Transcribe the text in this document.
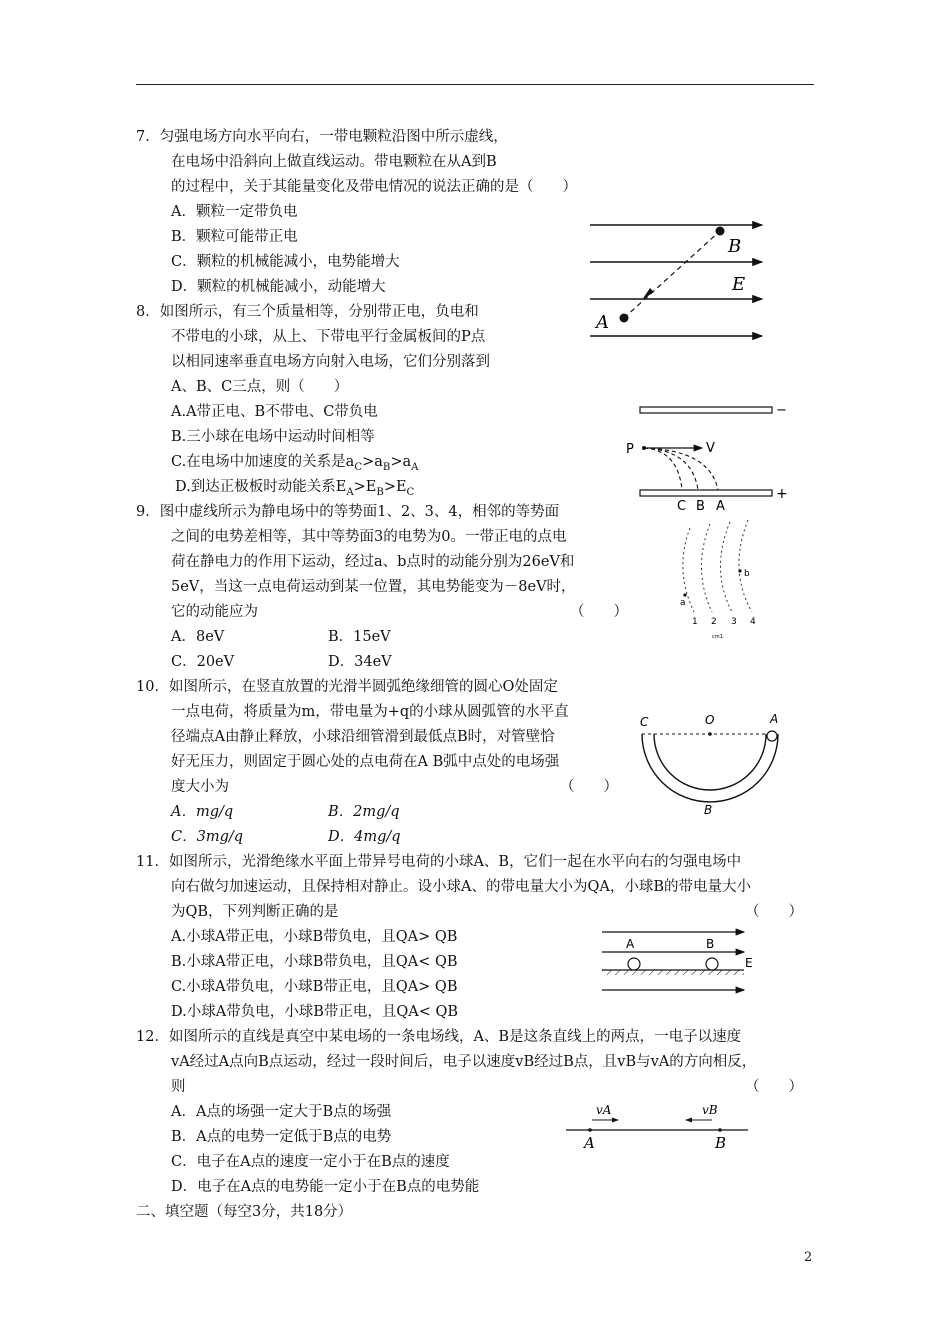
7．匀强电场方向水平向右，一带电颗粒沿图中所示虚线，
在电场中沿斜向上做直线运动。带电颗粒在从A到B
的过程中，关于其能量变化及带电情况的说法正确的是（　　）
A．颗粒一定带负电
B．颗粒可能带正电
C．颗粒的机械能减小，电势能增大
D．颗粒的机械能减小，动能增大
A
B
E
8．如图所示，有三个质量相等，分别带正电，负电和
不带电的小球，从上、下带电平行金属板间的P点
以相同速率垂直电场方向射入电场，它们分别落到
A、B、C三点，则（　　）
A.A带正电、B不带电、C带负电
B.三小球在电场中运动时间相等
C.在电场中加速度的关系是$a_C>a_B>a_A$
D.到达正极板时动能关系$E_A>E_B>E_C$
−
+
P	V
C B A
9．图中虚线所示为静电场中的等势面1、2、3、4，相邻的等势面
之间的电势差相等，其中等势面3的电势为0。一带正电的点电
荷在静电力的作用下运动，经过a、b点时的动能分别为26eV和
5eV，当这一点电荷运动到某一位置，其电势能变为－8eV时，
它的动能应为	（　　）
A．8eV	B．15eV
C．20eV	D．34eV
a
b
1 2 3 4
cm1.
10．如图所示，在竖直放置的光滑半圆弧绝缘细管的圆心O处固定
一点电荷，将质量为m，带电量为+q的小球从圆弧管的水平直
径端点A由静止释放，小球沿细管滑到最低点B时，对管壁恰
好无压力，则固定于圆心处的点电荷在A B弧中点处的电场强
度大小为	（　　）
A．mg/q	B．2mg/q
C．3mg/q	D．4mg/q
C	O	A
B
11．如图所示，光滑绝缘水平面上带异号电荷的小球A、B，它们一起在水平向右的匀强电场中
向右做匀加速运动，且保持相对静止。设小球A、的带电量大小为QA，小球B的带电量大小
为QB，下列判断正确的是	（　　）
A.小球A带正电，小球B带负电，且QA> QB
B.小球A带正电，小球B带负电，且QA< QB
C.小球A带负电，小球B带正电，且QA> QB
D.小球A带负电，小球B带正电，且QA< QB
A	B
E
12．如图所示的直线是真空中某电场的一条电场线，A、B是这条直线上的两点，一电子以速度
vA经过A点向B点运动，经过一段时间后，电子以速度vB经过B点，且vB与vA的方向相反，
则	（　　）
A．A点的场强一定大于B点的场强
B．A点的电势一定低于B点的电势
C．电子在A点的速度一定小于在B点的速度
D．电子在A点的电势能一定小于在B点的电势能
vA	vB
A	B
二、填空题（每空3分，共18分）
2
